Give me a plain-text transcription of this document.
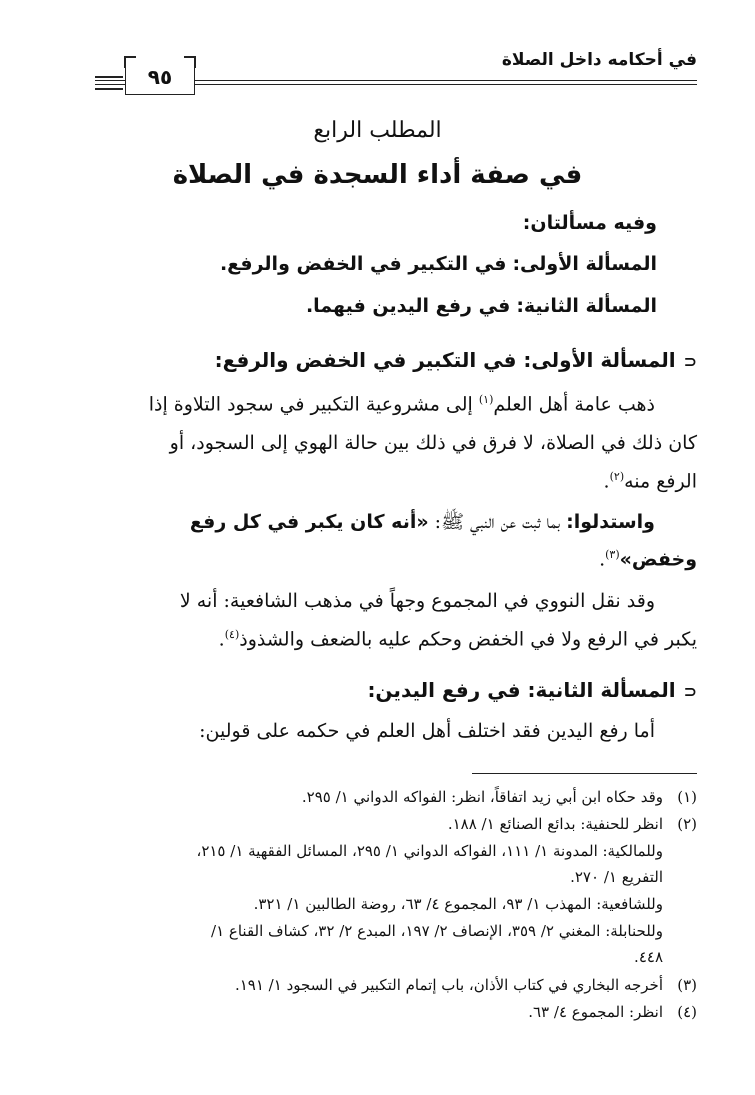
في أحكامه داخل الصلاة
٩٥
المطلب الرابع
في صفة أداء السجدة في الصلاة
وفيه مسألتان:
المسألة الأولى: في التكبير في الخفض والرفع.
المسألة الثانية: في رفع اليدين فيهما.
⊂المسألة الأولى: في التكبير في الخفض والرفع:
ذهب عامة أهل العلم$^{(١)}$ إلى مشروعية التكبير في سجود التلاوة إذا
كان ذلك في الصلاة، لا فرق في ذلك بين حالة الهوي إلى السجود، أو
الرفع منه$^{(٢)}$.
واستدلوا: بما ثبت عن النبي ﷺ: «أنه كان يكبر في كل رفع
وخفض»$^{(٣)}$.
وقد نقل النووي في المجموع وجهاً في مذهب الشافعية: أنه لا
يكبر في الرفع ولا في الخفض وحكم عليه بالضعف والشذوذ$^{(٤)}$.
⊂المسألة الثانية: في رفع اليدين:
أما رفع اليدين فقد اختلف أهل العلم في حكمه على قولين:
(١)وقد حكاه ابن أبي زيد اتفاقاً، انظر: الفواكه الدواني ١/ ٢٩٥.
(٢)انظر للحنفية: بدائع الصنائع ١/ ١٨٨.
وللمالكية: المدونة ١/ ١١١، الفواكه الدواني ١/ ٢٩٥، المسائل الفقهية ١/ ٢١٥،
التفريع ١/ ٢٧٠.
وللشافعية: المهذب ١/ ٩٣، المجموع ٤/ ٦٣، روضة الطالبين ١/ ٣٢١.
وللحنابلة: المغني ٢/ ٣٥٩، الإنصاف ٢/ ١٩٧، المبدع ٢/ ٣٢، كشاف القناع ١/
٤٤٨.
(٣)أخرجه البخاري في كتاب الأذان، باب إتمام التكبير في السجود ١/ ١٩١.
(٤)انظر: المجموع ٤/ ٦٣.
